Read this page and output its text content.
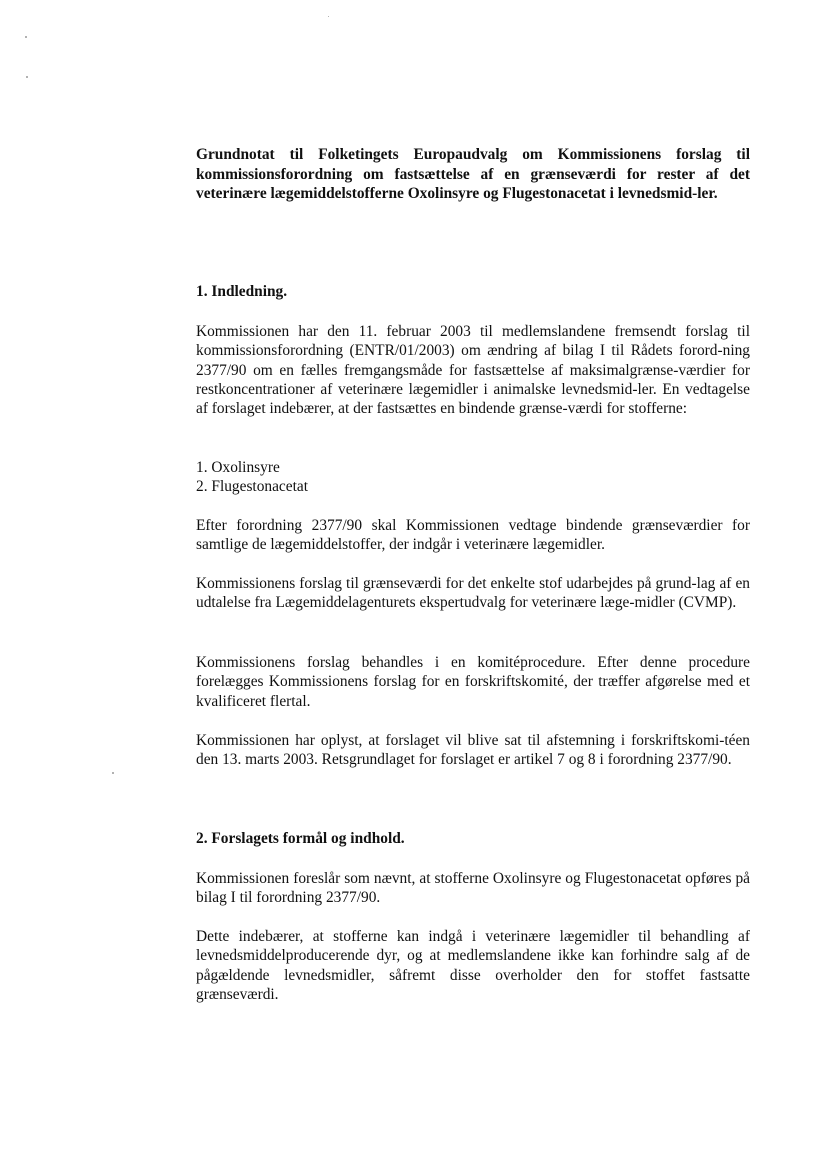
Grundnotat til Folketingets Europaudvalg om Kommissionens forslag til kommissionsforordning om fastsættelse af en grænseværdi for rester af det veterinære lægemiddelstofferne Oxolinsyre og Flugestonacetat i levnedsmid-ler.

1. Indledning.

Kommissionen har den 11. februar 2003 til medlemslandene fremsendt forslag til kommissionsforordning (ENTR/01/2003) om ændring af bilag I til Rådets forord-ning 2377/90 om en fælles fremgangsmåde for fastsættelse af maksimalgrænse-værdier for restkoncentrationer af veterinære lægemidler i animalske levnedsmid-ler. En vedtagelse af forslaget indebærer, at der fastsættes en bindende grænse-værdi for stofferne:

1. Oxolinsyre
2. Flugestonacetat

Efter forordning 2377/90 skal Kommissionen vedtage bindende grænseværdier for samtlige de lægemiddelstoffer, der indgår i veterinære lægemidler.

Kommissionens forslag til grænseværdi for det enkelte stof udarbejdes på grund-lag af en udtalelse fra Lægemiddelagenturets ekspertudvalg for veterinære læge-midler (CVMP).

Kommissionens forslag behandles i en komitéprocedure. Efter denne procedure forelægges Kommissionens forslag for en forskriftskomité, der træffer afgørelse med et kvalificeret flertal.

Kommissionen har oplyst, at forslaget vil blive sat til afstemning i forskriftskomi-téen den 13. marts 2003. Retsgrundlaget for forslaget er artikel 7 og 8 i forordning 2377/90.

2. Forslagets formål og indhold.

Kommissionen foreslår som nævnt, at stofferne Oxolinsyre og Flugestonacetat opføres på bilag I til forordning 2377/90.

Dette indebærer, at stofferne kan indgå i veterinære lægemidler til behandling af levnedsmiddelproducerende dyr, og at medlemslandene ikke kan forhindre salg af de pågældende levnedsmidler, såfremt disse overholder den for stoffet fastsatte grænseværdi.
